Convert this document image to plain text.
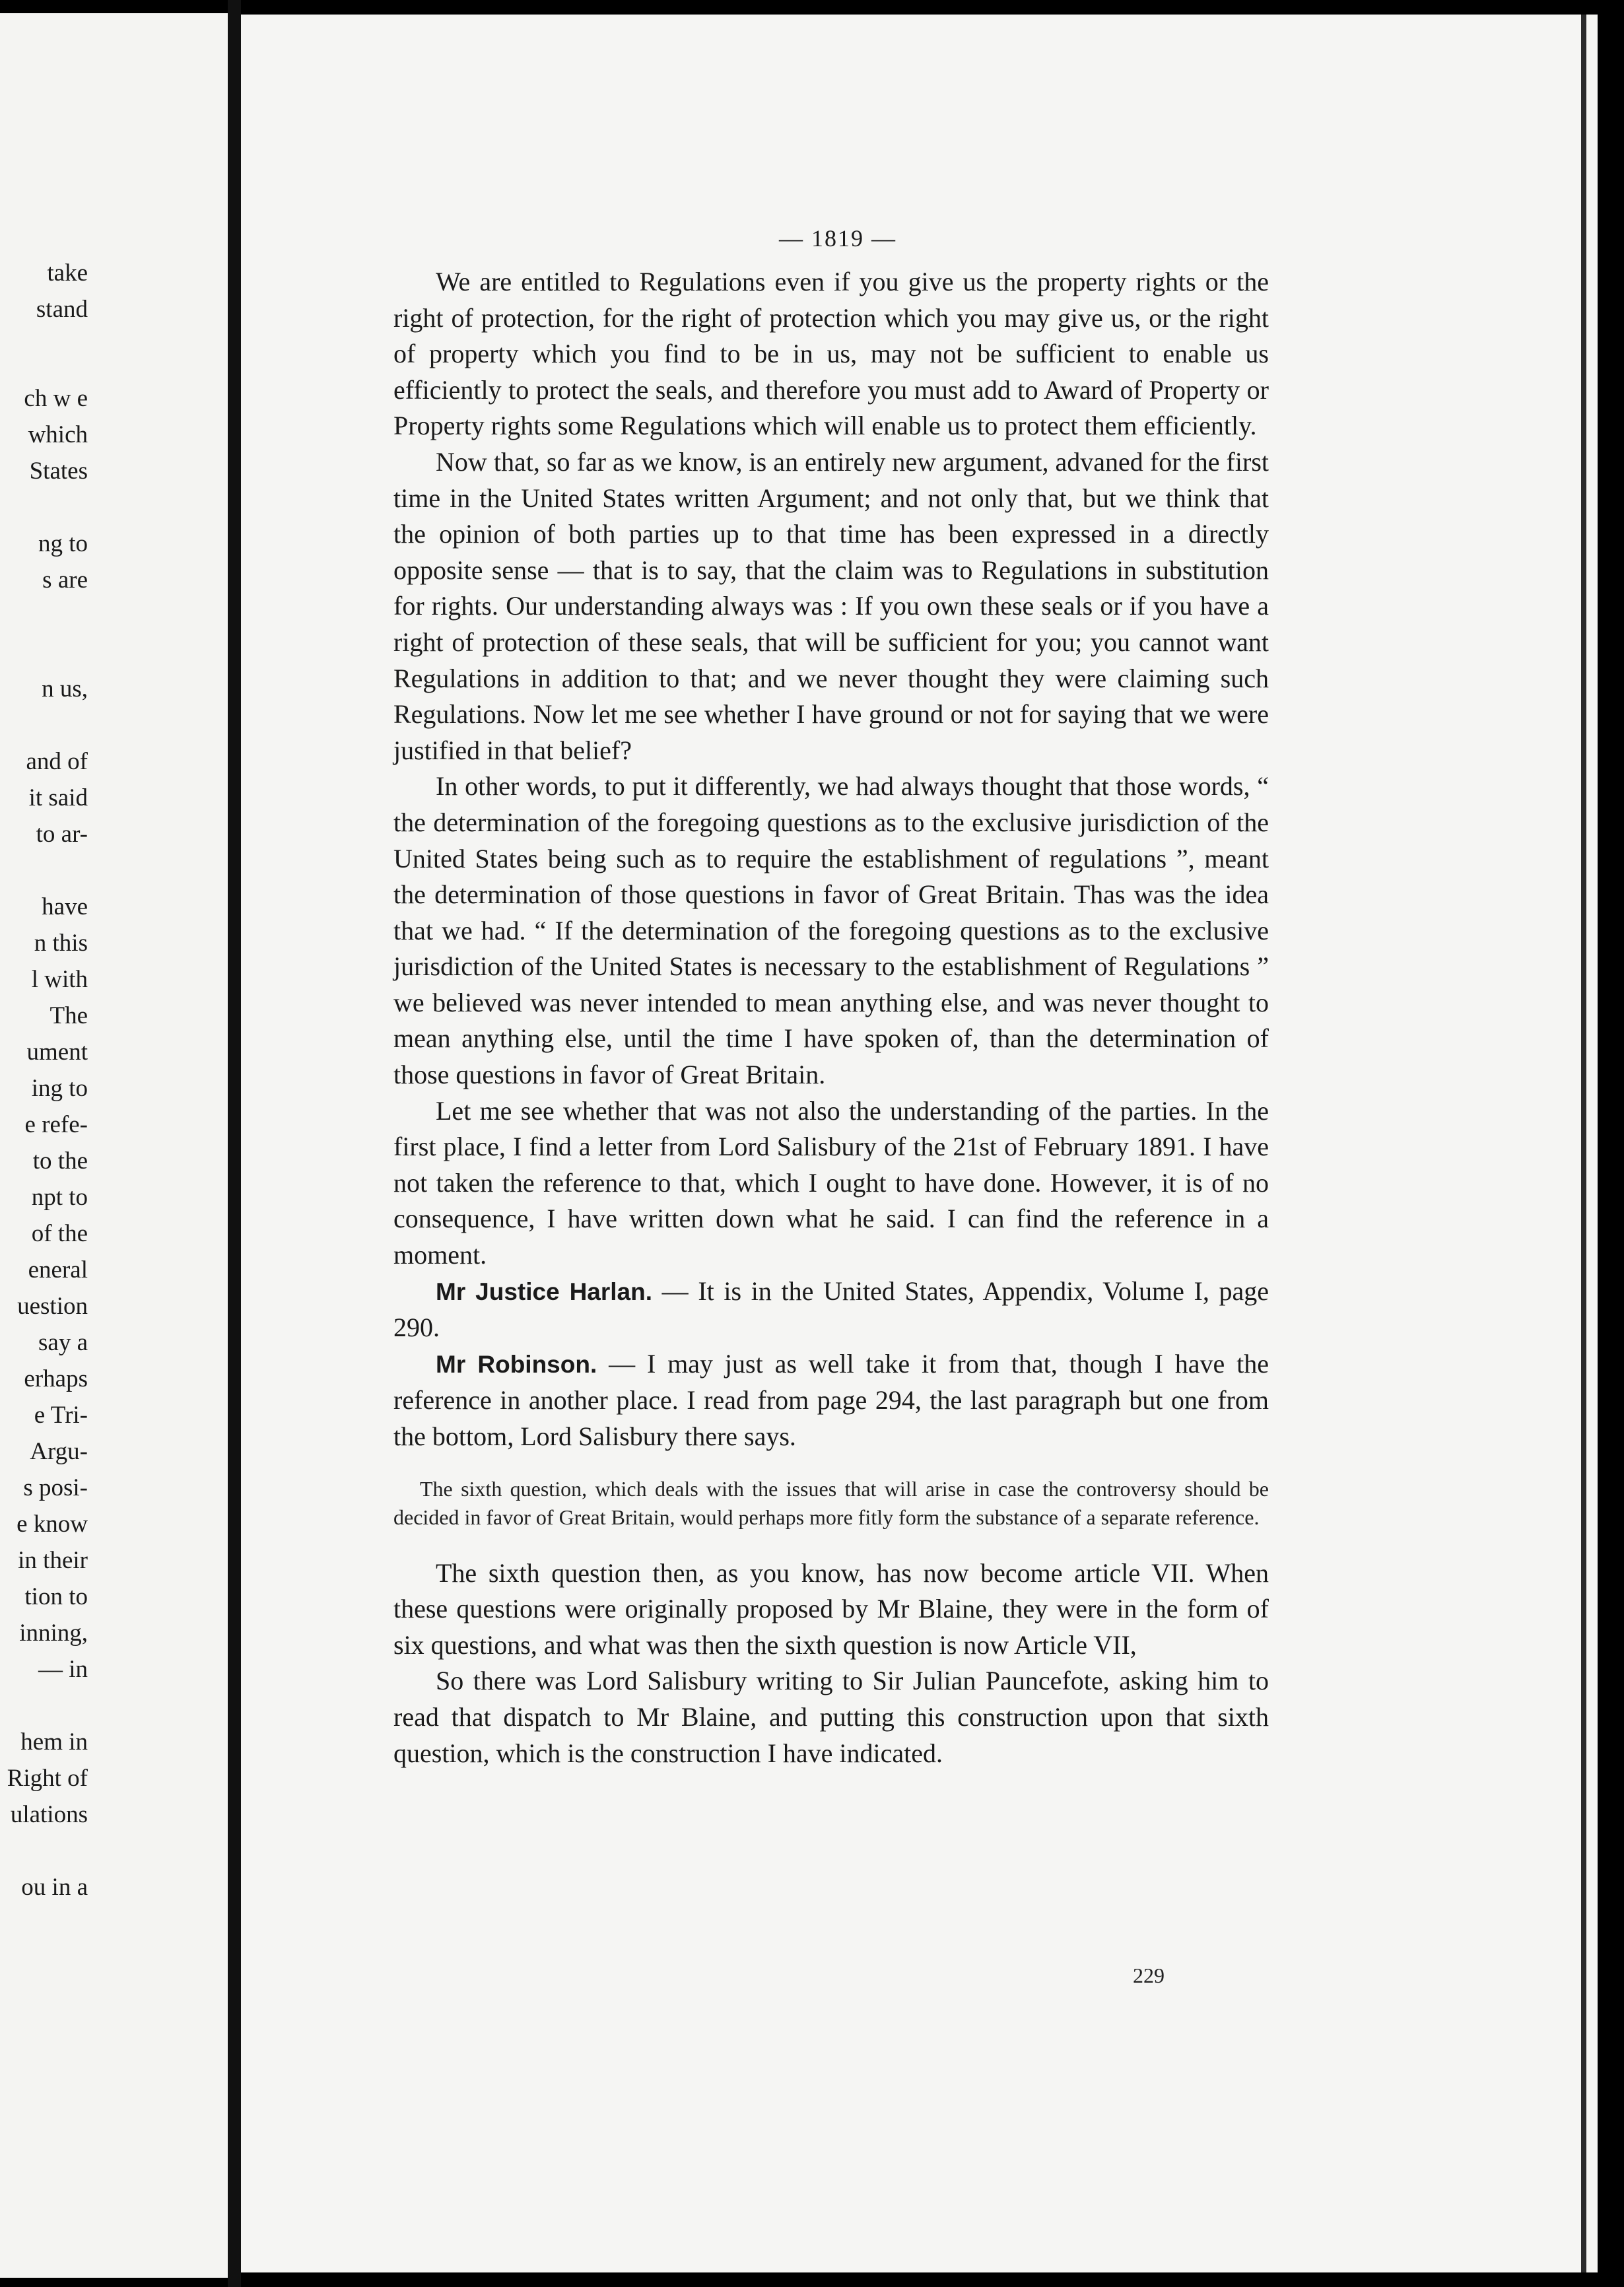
take
stand
ch w e
which
States
ng to
s are
n us,
and of
it said
to ar-
have
n this
l with
The
ument
ing to
e refe-
to the
npt to
of the
eneral
uestion
say a
erhaps
e Tri-
Argu-
s posi-
e know
in their
tion to
inning,
— in
hem in
Right of
ulations
ou in a
— 1819 —

We are entitled to Regulations even if you give us the property rights or the right of protection, for the right of protection which you may give us, or the right of property which you find to be in us, may not be sufficient to enable us efficiently to protect the seals, and therefore you must add to Award of Property or Property rights some Regulations which will enable us to protect them efficiently.

Now that, so far as we know, is an entirely new argument, advaned for the first time in the United States written Argument; and not only that, but we think that the opinion of both parties up to that time has been expressed in a directly opposite sense — that is to say, that the claim was to Regulations in substitution for rights. Our understanding always was : If you own these seals or if you have a right of protection of these seals, that will be sufficient for you; you cannot want Regulations in addition to that; and we never thought they were claiming such Regulations. Now let me see whether I have ground or not for saying that we were justified in that belief?

In other words, to put it differently, we had always thought that those words, “ the determination of the foregoing questions as to the exclusive jurisdiction of the United States being such as to require the establishment of regulations ”, meant the determination of those questions in favor of Great Britain. Thas was the idea that we had. “ If the determination of the foregoing questions as to the exclusive jurisdiction of the United States is necessary to the establishment of Regulations ” we believed was never intended to mean anything else, and was never thought to mean anything else, until the time I have spoken of, than the determination of those questions in favor of Great Britain.

Let me see whether that was not also the understanding of the parties. In the first place, I find a letter from Lord Salisbury of the 21st of February 1891. I have not taken the reference to that, which I ought to have done. However, it is of no consequence, I have written down what he said. I can find the reference in a moment.

Mr Justice Harlan. — It is in the United States, Appendix, Volume I, page 290.

Mr Robinson. — I may just as well take it from that, though I have the reference in another place. I read from page 294, the last paragraph but one from the bottom, Lord Salisbury there says.

The sixth question, which deals with the issues that will arise in case the controversy should be decided in favor of Great Britain, would perhaps more fitly form the substance of a separate reference.

The sixth question then, as you know, has now become article VII. When these questions were originally proposed by Mr Blaine, they were in the form of six questions, and what was then the sixth question is now Article VII,

So there was Lord Salisbury writing to Sir Julian Pauncefote, asking him to read that dispatch to Mr Blaine, and putting this construction upon that sixth question, which is the construction I have indicated.

229
